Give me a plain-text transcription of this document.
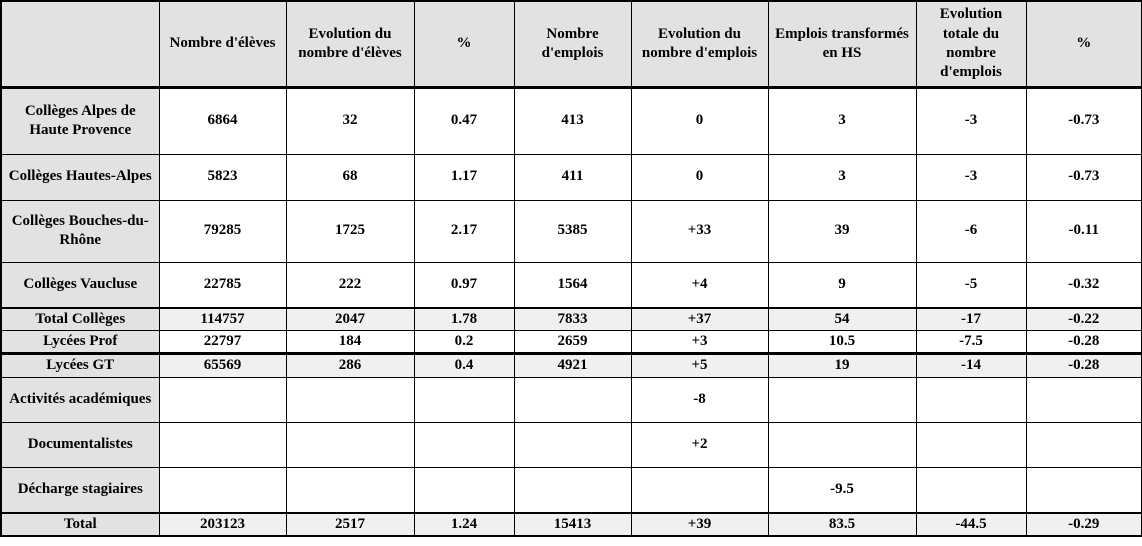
	Nombre d'élèves	Evolution du nombre d'élèves	%	Nombre d'emplois	Evolution du nombre d'emplois	Emplois transformés en HS	Evolution totale du nombre d'emplois	%
Collèges Alpes de Haute Provence	6864	32	0.47	413	0	3	-3	-0.73
Collèges Hautes-Alpes	5823	68	1.17	411	0	3	-3	-0.73
Collèges Bouches-du-Rhône	79285	1725	2.17	5385	+33	39	-6	-0.11
Collèges Vaucluse	22785	222	0.97	1564	+4	9	-5	-0.32
Total Collèges	114757	2047	1.78	7833	+37	54	-17	-0.22
Lycées Prof	22797	184	0.2	2659	+3	10.5	-7.5	-0.28
Lycées GT	65569	286	0.4	4921	+5	19	-14	-0.28
Activités académiques					-8			
Documentalistes					+2			
Décharge stagiaires						-9.5		
Total	203123	2517	1.24	15413	+39	83.5	-44.5	-0.29
